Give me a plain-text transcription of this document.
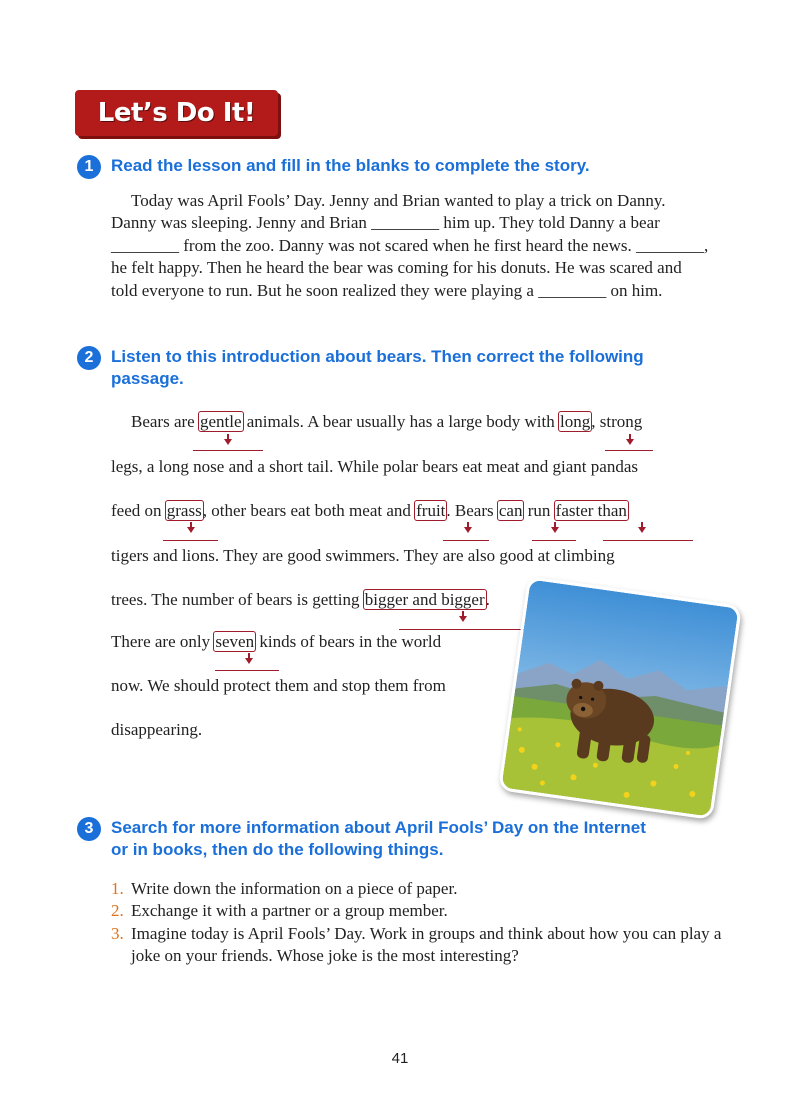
Let’s Do It!
1	Read the lesson and fill in the blanks to complete the story.
Today was April Fools’ Day. Jenny and Brian wanted to play a trick on Danny. Danny was sleeping. Jenny and Brian ________ him up. They told Danny a bear ________ from the zoo. Danny was not scared when he first heard the news. ________, he felt happy. Then he heard the bear was coming for his donuts. He was scared and told everyone to run. But he soon realized they were playing a ________ on him.
2	Listen to this introduction about bears. Then correct the following
passage.
Bears are gentle animals. A bear usually has a large body with long, strong
legs, a long nose and a short tail. While polar bears eat meat and giant pandas
feed on grass, other bears eat both meat and fruit. Bears can run faster than
tigers and lions. They are good swimmers. They are also good at climbing
trees. The number of bears is getting bigger and bigger.
There are only seven kinds of bears in the world
now. We should protect them and stop them from
disappearing.
3	Search for more information about April Fools’ Day on the Internet
or in books, then do the following things.
1. Write down the information on a piece of paper.
2. Exchange it with a partner or a group member.
3. Imagine today is April Fools’ Day. Work in groups and think about how you can play a joke on your friends. Whose joke is the most interesting?
41
